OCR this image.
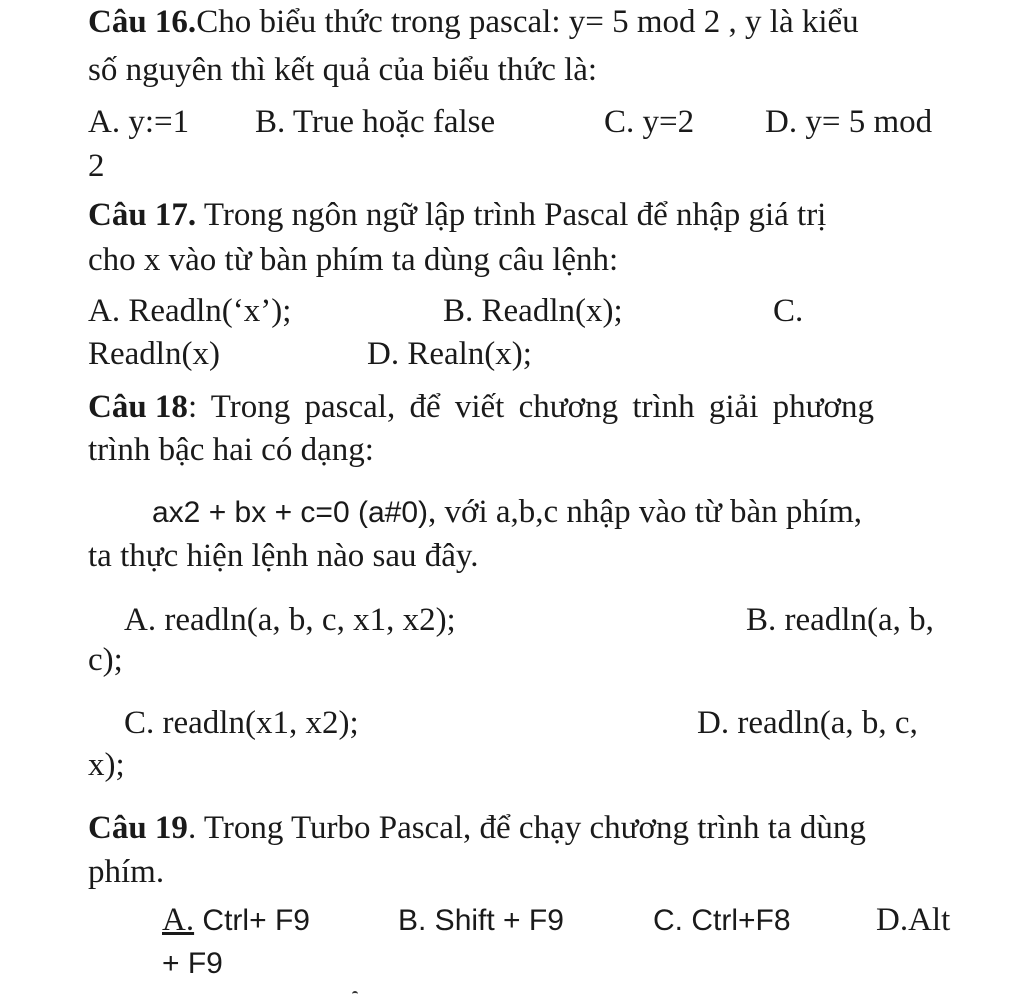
Câu 16.Cho biểu thức trong pascal: y= 5 mod 2 , y là kiểu
số nguyên thì kết quả của biểu thức là:
A. y:=1 B. True hoặc false	C. y=2 D. y= 5 mod
2
Câu 17. Trong ngôn ngữ lập trình Pascal để nhập giá trị
cho x vào từ bàn phím ta dùng câu lệnh:
A. Readln(‘x’);	B. Readln(x);	C.
Readln(x)	D. Realn(x);
Câu 18: Trong pascal, để viết chương trình giải phương
trình bậc hai có dạng:
ax2 + bx + c=0 (a#0), với a,b,c nhập vào từ bàn phím,
ta thực hiện lệnh nào sau đây.
A. readln(a, b, c, x1, x2);	B. readln(a, b,
c);
C. readln(x1, x2);	D. readln(a, b, c,
x);
Câu 19. Trong Turbo Pascal, để chạy chương trình ta dùng
phím.
A. Ctrl+ F9	B. Shift + F9	C. Ctrl+F8	D.Alt
+ F9
